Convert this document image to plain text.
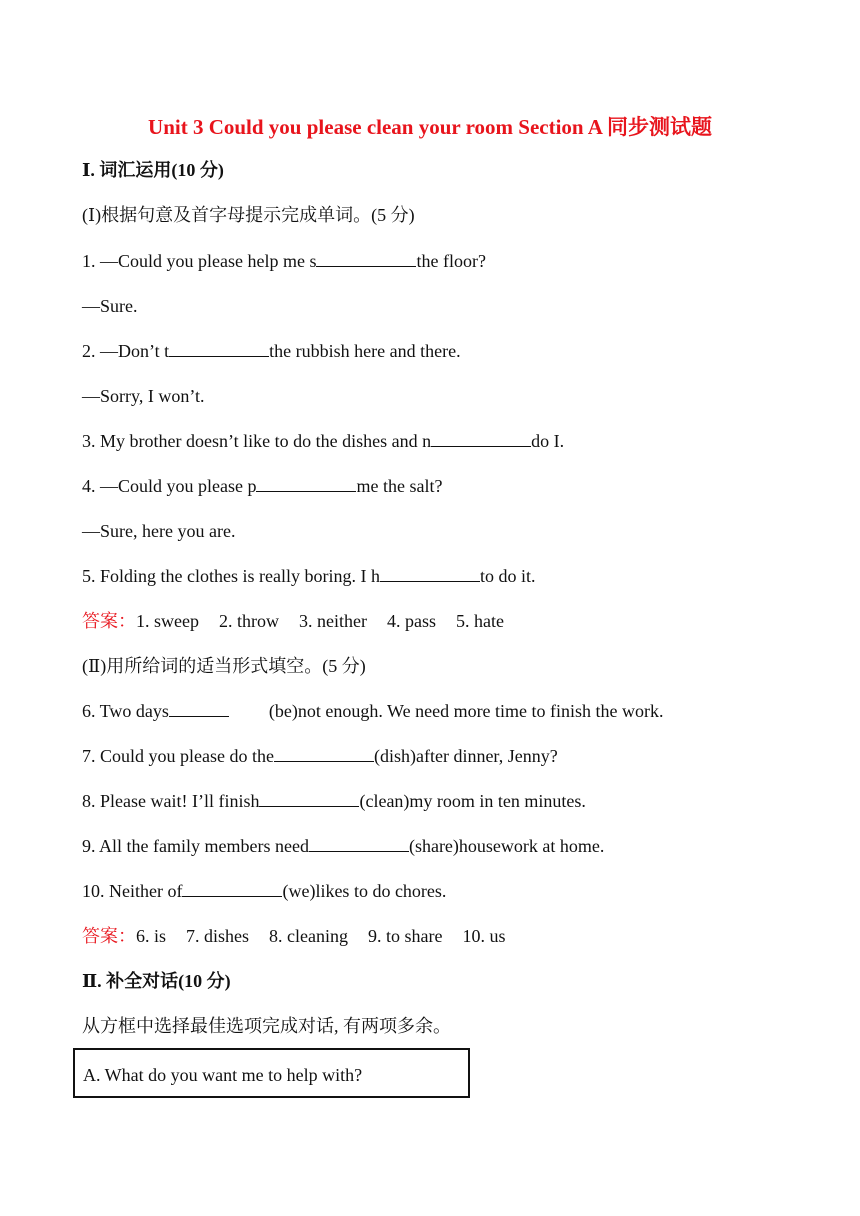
Unit 3 Could you please clean your room Section A 同步测试题
Ⅰ. 词汇运用(10 分)
(Ⅰ)根据句意及首字母提示完成单词。(5 分)
1. —Could you please help me s	the floor?
—Sure.
2. —Don’t t	the rubbish here and there.
—Sorry, I won’t.
3. My brother doesn’t like to do the dishes and n	do I.
4. —Could you please p	me the salt?
—Sure, here you are.
5. Folding the clothes is really boring. I h	to do it.
答案：1. sweep 2. throw 3. neither 4. pass 5. hate
(Ⅱ)用所给词的适当形式填空。(5 分)
6. Two days	(be)not enough. We need more time to finish the work.
7. Could you please do the	(dish)after dinner, Jenny?
8. Please wait! I’ll finish	(clean)my room in ten minutes.
9. All the family members need	(share)housework at home.
10. Neither of	(we)likes to do chores.
答案：6. is 7. dishes 8. cleaning 9. to share 10. us
Ⅱ. 补全对话(10 分)
从方框中选择最佳选项完成对话, 有两项多余。
A. What do you want me to help with?
